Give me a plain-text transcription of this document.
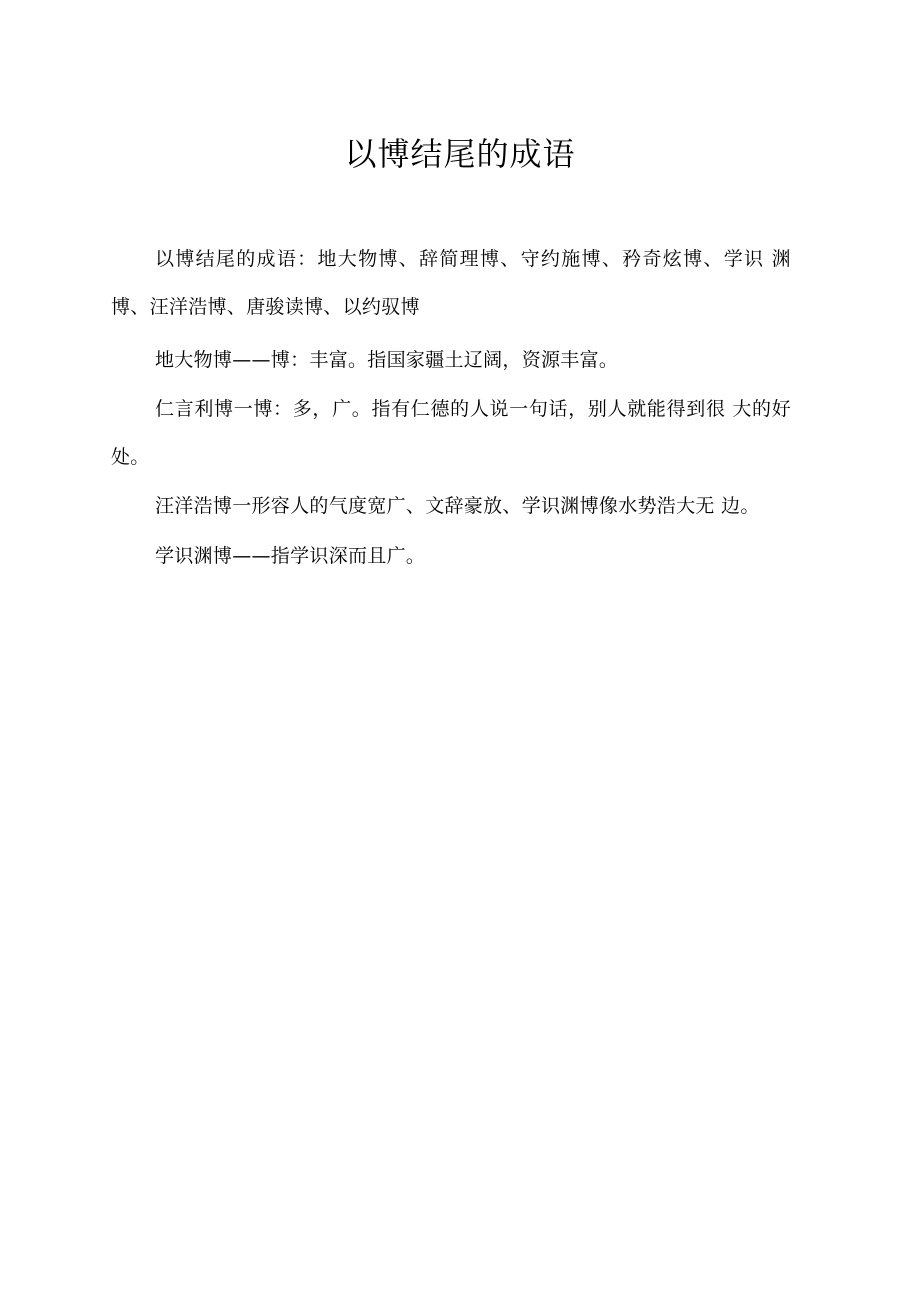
以博结尾的成语

以博结尾的成语：地大物博、辞简理博、守约施博、矜奇炫博、学识 渊博、汪洋浩博、唐骏读博、以约驭博

地大物博——博：丰富。指国家疆土辽阔，资源丰富。

仁言利博一博：多，广。指有仁德的人说一句话，别人就能得到很 大的好处。

汪洋浩博一形容人的气度宽广、文辞豪放、学识渊博像水势浩大无 边。

学识渊博——指学识深而且广。
